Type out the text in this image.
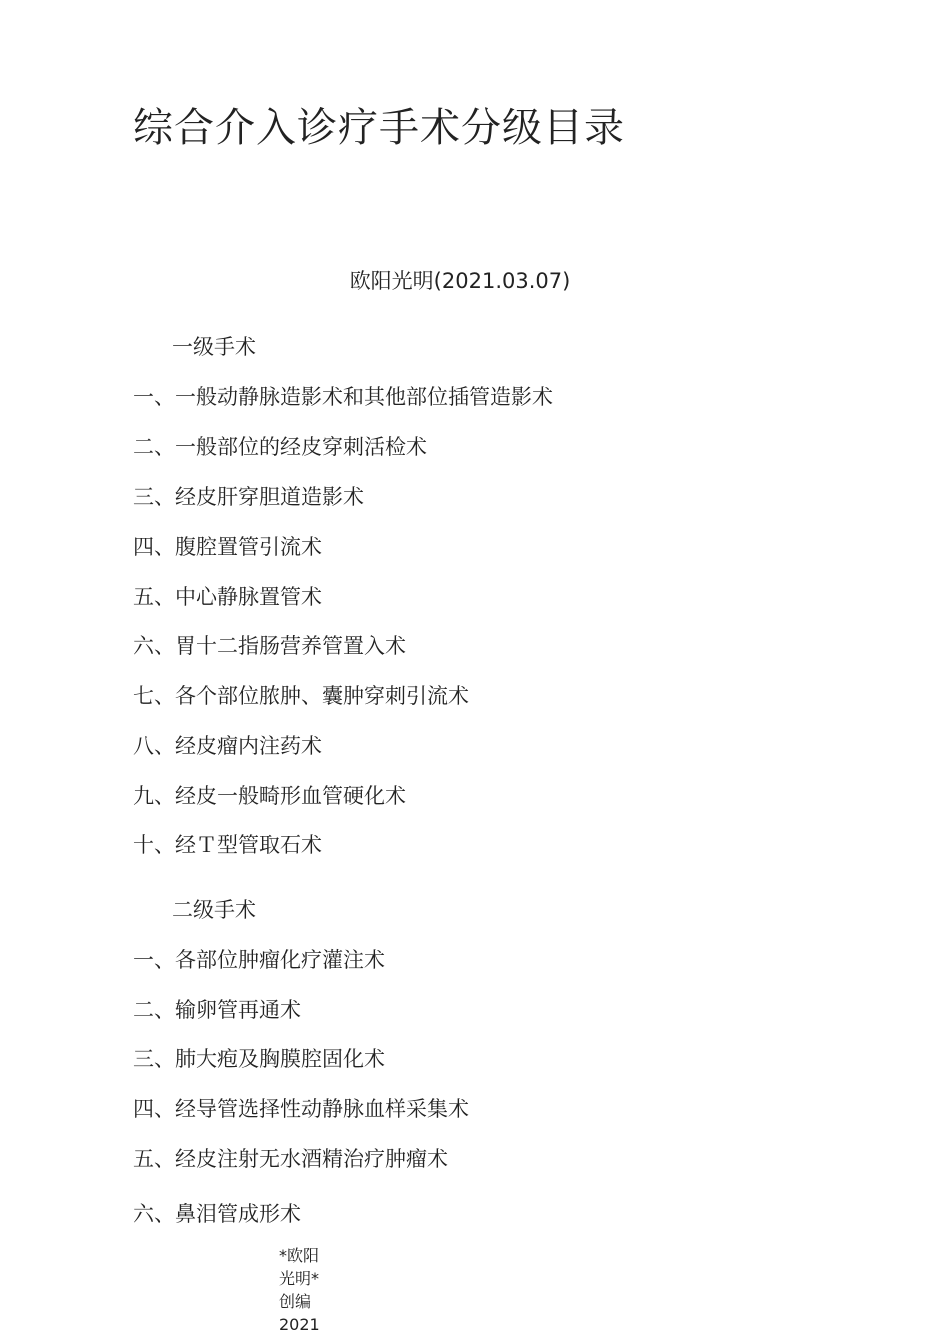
综合介入诊疗手术分级目录
欧阳光明(2021.03.07)
一级手术
一、一般动静脉造影术和其他部位插管造影术
二、一般部位的经皮穿刺活检术
三、经皮肝穿胆道造影术
四、腹腔置管引流术
五、中心静脉置管术
六、胃十二指肠营养管置入术
七、各个部位脓肿、囊肿穿刺引流术
八、经皮瘤内注药术
九、经皮一般畸形血管硬化术
十、经Ｔ型管取石术
二级手术
一、各部位肿瘤化疗灌注术
二、输卵管再通术
三、肺大疱及胸膜腔固化术
四、经导管选择性动静脉血样采集术
五、经皮注射无水酒精治疗肿瘤术
六、鼻泪管成形术
*欧阳光明*创编2021
